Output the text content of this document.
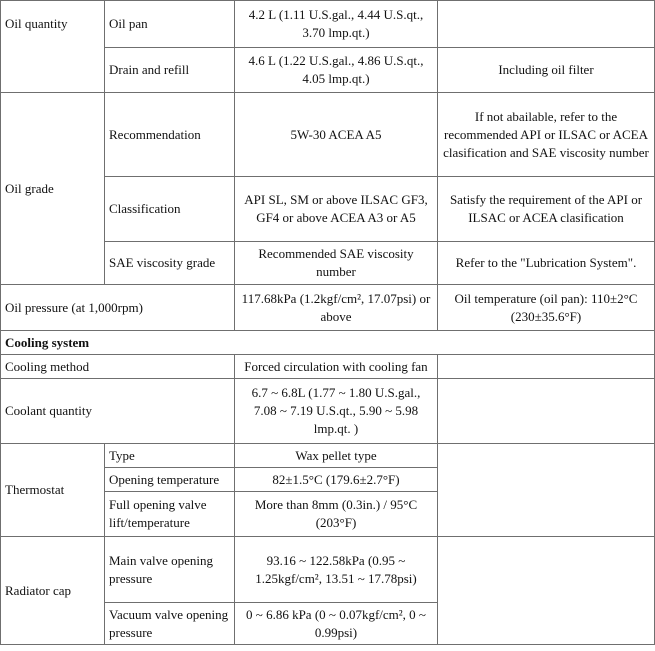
Oil quantity	Oil pan	4.2 L (1.11 U.S.gal., 4.44 U.S.qt., 3.70 lmp.qt.)	
	Drain and refill	4.6 L (1.22 U.S.gal., 4.86 U.S.qt., 4.05 lmp.qt.)	Including oil filter
Oil grade	Recommendation	5W-30 ACEA A5	If not abailable, refer to the recommended API or ILSAC or ACEA clasification and SAE viscosity number
	Classification	API SL, SM or above ILSAC GF3, GF4 or above ACEA A3 or A5	Satisfy the requirement of the API or ILSAC or ACEA clasification
	SAE viscosity grade	Recommended SAE viscosity number	Refer to the "Lubrication System".
Oil pressure (at 1,000rpm)		117.68kPa (1.2kgf/cm², 17.07psi) or above	Oil temperature (oil pan): 110±2°C (230±35.6°F)
Cooling system			
Cooling method		Forced circulation with cooling fan	
Coolant quantity		6.7 ~ 6.8L (1.77 ~ 1.80 U.S.gal., 7.08 ~ 7.19 U.S.qt., 5.90 ~ 5.98 lmp.qt. )	
Thermostat	Type	Wax pellet type	
	Opening temperature	82±1.5°C (179.6±2.7°F)	
	Full opening valve lift/temperature	More than 8mm (0.3in.) / 95°C (203°F)	
Radiator cap	Main valve opening pressure	93.16 ~ 122.58kPa (0.95 ~ 1.25kgf/cm², 13.51 ~ 17.78psi)	
	Vacuum valve opening pressure	0 ~ 6.86 kPa (0 ~ 0.07kgf/cm², 0 ~ 0.99psi)	
